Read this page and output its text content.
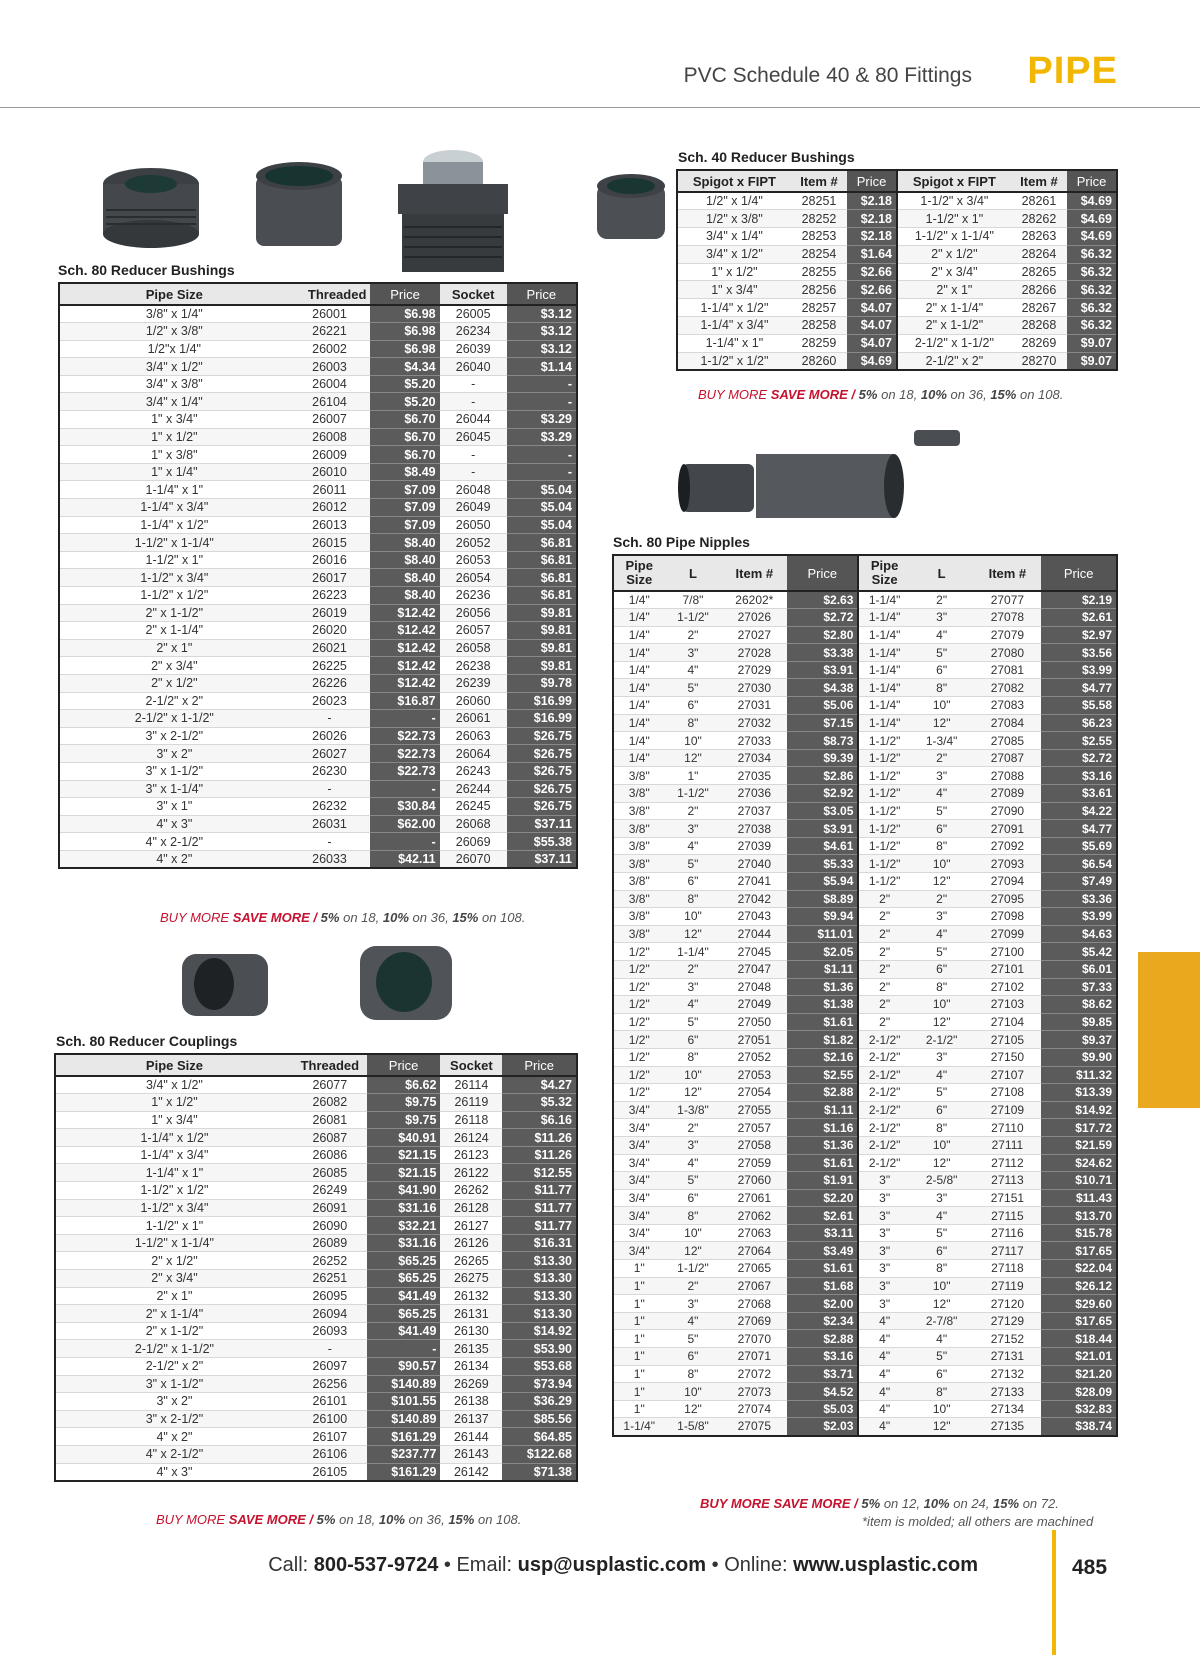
PVC Schedule 40 & 80 Fittings PIPE
Sch. 80 Reducer Bushings
Pipe Size	Threaded	Price	Socket	Price
3/8" x 1/4"	26001	$6.98	26005	$3.12
1/2" x 3/8"	26221	$6.98	26234	$3.12
1/2"x 1/4"	26002	$6.98	26039	$3.12
3/4" x 1/2"	26003	$4.34	26040	$1.14
3/4" x 3/8"	26004	$5.20	-	-
3/4" x 1/4"	26104	$5.20	-	-
1" x 3/4"	26007	$6.70	26044	$3.29
1" x 1/2"	26008	$6.70	26045	$3.29
1" x 3/8"	26009	$6.70	-	-
1" x 1/4"	26010	$8.49	-	-
1-1/4" x 1"	26011	$7.09	26048	$5.04
1-1/4" x 3/4"	26012	$7.09	26049	$5.04
1-1/4" x 1/2"	26013	$7.09	26050	$5.04
1-1/2" x 1-1/4"	26015	$8.40	26052	$6.81
1-1/2" x 1"	26016	$8.40	26053	$6.81
1-1/2" x 3/4"	26017	$8.40	26054	$6.81
1-1/2" x 1/2"	26223	$8.40	26236	$6.81
2" x 1-1/2"	26019	$12.42	26056	$9.81
2" x 1-1/4"	26020	$12.42	26057	$9.81
2" x 1"	26021	$12.42	26058	$9.81
2" x 3/4"	26225	$12.42	26238	$9.81
2" x 1/2"	26226	$12.42	26239	$9.78
2-1/2" x 2"	26023	$16.87	26060	$16.99
2-1/2" x 1-1/2"	-	-	26061	$16.99
3" x 2-1/2"	26026	$22.73	26063	$26.75
3" x 2"	26027	$22.73	26064	$26.75
3" x 1-1/2"	26230	$22.73	26243	$26.75
3" x 1-1/4"	-	-	26244	$26.75
3" x 1"	26232	$30.84	26245	$26.75
4" x 3"	26031	$62.00	26068	$37.11
4" x 2-1/2"	-	-	26069	$55.38
4" x 2"	26033	$42.11	26070	$37.11
BUY MORE SAVE MORE / 5% on 18, 10% on 36, 15% on 108.
Sch. 80 Reducer Couplings
Pipe Size	Threaded	Price	Socket	Price
3/4" x 1/2"	26077	$6.62	26114	$4.27
1" x 1/2"	26082	$9.75	26119	$5.32
1" x 3/4"	26081	$9.75	26118	$6.16
1-1/4" x 1/2"	26087	$40.91	26124	$11.26
1-1/4" x 3/4"	26086	$21.15	26123	$11.26
1-1/4" x 1"	26085	$21.15	26122	$12.55
1-1/2" x 1/2"	26249	$41.90	26262	$11.77
1-1/2" x 3/4"	26091	$31.16	26128	$11.77
1-1/2" x 1"	26090	$32.21	26127	$11.77
1-1/2" x 1-1/4"	26089	$31.16	26126	$16.31
2" x 1/2"	26252	$65.25	26265	$13.30
2" x 3/4"	26251	$65.25	26275	$13.30
2" x 1"	26095	$41.49	26132	$13.30
2" x 1-1/4"	26094	$65.25	26131	$13.30
2" x 1-1/2"	26093	$41.49	26130	$14.92
2-1/2" x 1-1/2"	-	-	26135	$53.90
2-1/2" x 2"	26097	$90.57	26134	$53.68
3" x 1-1/2"	26256	$140.89	26269	$73.94
3" x 2"	26101	$101.55	26138	$36.29
3" x 2-1/2"	26100	$140.89	26137	$85.56
4" x 2"	26107	$161.29	26144	$64.85
4" x 2-1/2"	26106	$237.77	26143	$122.68
4" x 3"	26105	$161.29	26142	$71.38
BUY MORE SAVE MORE / 5% on 18, 10% on 36, 15% on 108.
Sch. 40 Reducer Bushings
Spigot x FIPT	Item #	Price	Spigot x FIPT	Item #	Price
1/2" x 1/4"	28251	$2.18	1-1/2" x 3/4"	28261	$4.69
1/2" x 3/8"	28252	$2.18	1-1/2" x 1"	28262	$4.69
3/4" x 1/4"	28253	$2.18	1-1/2" x 1-1/4"	28263	$4.69
3/4" x 1/2"	28254	$1.64	2" x 1/2"	28264	$6.32
1" x 1/2"	28255	$2.66	2" x 3/4"	28265	$6.32
1" x 3/4"	28256	$2.66	2" x 1"	28266	$6.32
1-1/4" x 1/2"	28257	$4.07	2" x 1-1/4"	28267	$6.32
1-1/4" x 3/4"	28258	$4.07	2" x 1-1/2"	28268	$6.32
1-1/4" x 1"	28259	$4.07	2-1/2" x 1-1/2"	28269	$9.07
1-1/2" x 1/2"	28260	$4.69	2-1/2" x 2"	28270	$9.07
BUY MORE SAVE MORE / 5% on 18, 10% on 36, 15% on 108.
Sch. 80 Pipe Nipples
Pipe Size	L	Item #	Price	Pipe Size	L	Item #	Price
1/4"	7/8"	26202*	$2.63	1-1/4"	2"	27077	$2.19
1/4"	1-1/2"	27026	$2.72	1-1/4"	3"	27078	$2.61
1/4"	2"	27027	$2.80	1-1/4"	4"	27079	$2.97
1/4"	3"	27028	$3.38	1-1/4"	5"	27080	$3.56
1/4"	4"	27029	$3.91	1-1/4"	6"	27081	$3.99
1/4"	5"	27030	$4.38	1-1/4"	8"	27082	$4.77
1/4"	6"	27031	$5.06	1-1/4"	10"	27083	$5.58
1/4"	8"	27032	$7.15	1-1/4"	12"	27084	$6.23
1/4"	10"	27033	$8.73	1-1/2"	1-3/4"	27085	$2.55
1/4"	12"	27034	$9.39	1-1/2"	2"	27087	$2.72
3/8"	1"	27035	$2.86	1-1/2"	3"	27088	$3.16
3/8"	1-1/2"	27036	$2.92	1-1/2"	4"	27089	$3.61
3/8"	2"	27037	$3.05	1-1/2"	5"	27090	$4.22
3/8"	3"	27038	$3.91	1-1/2"	6"	27091	$4.77
3/8"	4"	27039	$4.61	1-1/2"	8"	27092	$5.69
3/8"	5"	27040	$5.33	1-1/2"	10"	27093	$6.54
3/8"	6"	27041	$5.94	1-1/2"	12"	27094	$7.49
3/8"	8"	27042	$8.89	2"	2"	27095	$3.36
3/8"	10"	27043	$9.94	2"	3"	27098	$3.99
3/8"	12"	27044	$11.01	2"	4"	27099	$4.63
1/2"	1-1/4"	27045	$2.05	2"	5"	27100	$5.42
1/2"	2"	27047	$1.11	2"	6"	27101	$6.01
1/2"	3"	27048	$1.36	2"	8"	27102	$7.33
1/2"	4"	27049	$1.38	2"	10"	27103	$8.62
1/2"	5"	27050	$1.61	2"	12"	27104	$9.85
1/2"	6"	27051	$1.82	2-1/2"	2-1/2"	27105	$9.37
1/2"	8"	27052	$2.16	2-1/2"	3"	27150	$9.90
1/2"	10"	27053	$2.55	2-1/2"	4"	27107	$11.32
1/2"	12"	27054	$2.88	2-1/2"	5"	27108	$13.39
3/4"	1-3/8"	27055	$1.11	2-1/2"	6"	27109	$14.92
3/4"	2"	27057	$1.16	2-1/2"	8"	27110	$17.72
3/4"	3"	27058	$1.36	2-1/2"	10"	27111	$21.59
3/4"	4"	27059	$1.61	2-1/2"	12"	27112	$24.62
3/4"	5"	27060	$1.91	3"	2-5/8"	27113	$10.71
3/4"	6"	27061	$2.20	3"	3"	27151	$11.43
3/4"	8"	27062	$2.61	3"	4"	27115	$13.70
3/4"	10"	27063	$3.11	3"	5"	27116	$15.78
3/4"	12"	27064	$3.49	3"	6"	27117	$17.65
1"	1-1/2"	27065	$1.61	3"	8"	27118	$22.04
1"	2"	27067	$1.68	3"	10"	27119	$26.12
1"	3"	27068	$2.00	3"	12"	27120	$29.60
1"	4"	27069	$2.34	4"	2-7/8"	27129	$17.65
1"	5"	27070	$2.88	4"	4"	27152	$18.44
1"	6"	27071	$3.16	4"	5"	27131	$21.01
1"	8"	27072	$3.71	4"	6"	27132	$21.20
1"	10"	27073	$4.52	4"	8"	27133	$28.09
1"	12"	27074	$5.03	4"	10"	27134	$32.83
1-1/4"	1-5/8"	27075	$2.03	4"	12"	27135	$38.74
BUY MORE SAVE MORE / 5% on 12, 10% on 24, 15% on 72.
*item is molded; all others are machined
Call: 800-537-9724 • Email: usp@usplastic.com • Online: www.usplastic.com	485
